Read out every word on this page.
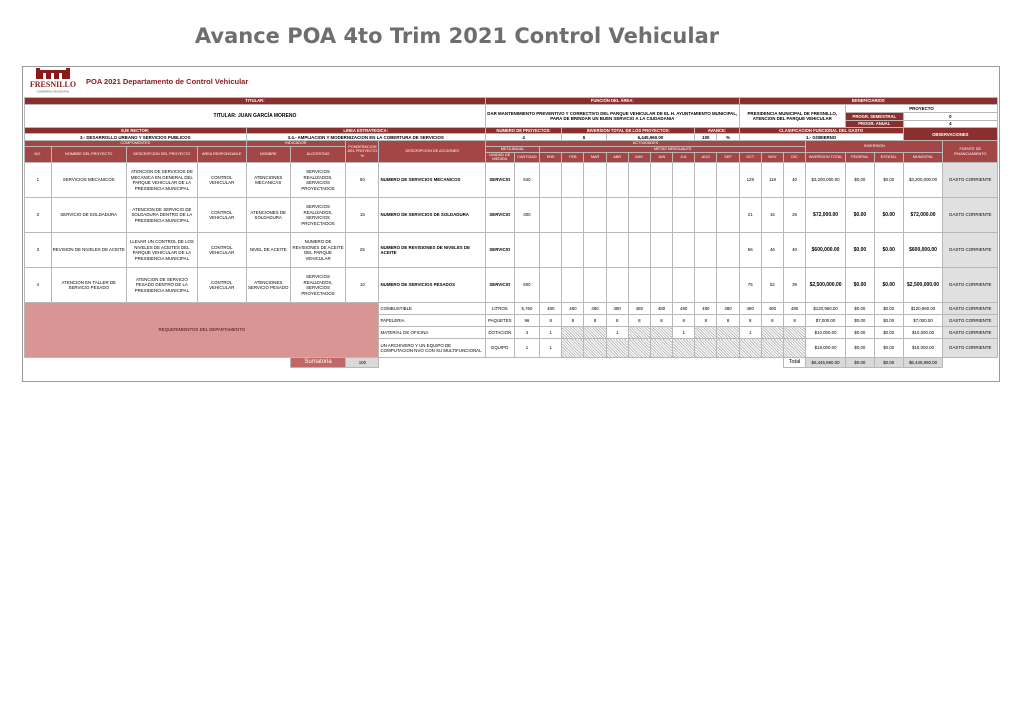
Avance POA 4to Trim 2021 Control Vehicular
FRESNILLO
GOBIERNO MUNICIPAL
POA 2021 Departamento de Control Vehicular
TITULAR:								FUNCIÓN DEL ÁREA:											BENEFICIARIOS							
TITULAR: JUAN GARCÍA MORENO								DAR MANTENIMIENTO PREVENTIVO Y CORRECTIVO DEL PARQUE VEHICULAR DE EL H. AYUNTAMIENTO MUNICIPAL, PARA DE BRINDAR UN BUEN SERVICIO A LA CIUDADANIA											PRESIDENCIA MUNICIPAL DE FRESNILLO, ATENCION DEL PARQUE VEHICULAR				PROYECTO			
																							PROGR. SEMESTRAL		0	
																							PROGR. ANUAL		4	
EJE RECTOR:				LINEA ESTRATEGICA:				NUMERO DE PROYECTOS:			INVERSION TOTAL DE LOS PROYECTOS:						AVANCE:		CLASIFICACION FUNCIONAL DEL GASTO						OBSERVACIONES	
3.- DESARROLLO URBANO Y SERVICIOS PUBLICOS				3.4.- AMPLIACION Y MODERNIZACION EN LA COBERTURA DE SERVICIOS				4			$		6,445,960.00				100	%	1.- GOBIERNO							
COMPONENTES				INDICADOR		PONDERACION DEL PROYECTO %	DESCRIPCION DE ACCIONES	ACTIVIDADES														INVERSION				FUENTE DE FINANCIAMIENTO
NO.	NOMBRE DEL PROYECTO	DESCRIPCION DEL PROYECTO	AREA RESPONSABLE	NOMBRE	ALGORITMO			META ANUAL		METAS MENSUALES																
								UNIDAD DE MEDIDA	CANTIDAD	ENE	FEB	MAR	ABR	MAY	JUN	JUL	AGO	SEP	OCT	NOV	DIC	INVERSION TOTAL	FEDERAL	ESTATAL	MUNICIPAL	
1	SERVICIOS MECANICOS	ATENCION DE SERVICIOS DE MECANICA EN GENERAL DEL PARQUE VEHICULAR DE LA PRESIDENCIA MUNICIPAL	CONTROL VEHICULAR	ATENCIONES MECANICAS	SERVICIOS REALIZADOS, SERVICIOS PROYECTADOS	50	NUMERO DE SERVICIOS MECANICOS	SERVICIO	840										129	118	40	$3,200,000.00	$0.00	$0.00	$3,200,000.00	GASTO CORRIENTE
2	SERVICIO DE SOLDADURA	ATENCION DE SERVICIO DE SOLDADURA DENTRO DE LA PRESIDENCIA MUNICIPAL	CONTROL VEHICULAR	ATENCIONES DE SOLDADURA	SERVICIOS REALIZADOS, SERVICIOS PROYECTADOS	15	NUMERO DE SERVICIOS DE SOLDADURA	SERVICIO	300										21	16	26	$72,000.00	$0.00	$0.00	$72,000.00	GASTO CORRIENTE
3	REVISION DE NIVELES DE ACEITE	LLEVAR UN CONTROL DE LOS NIVELES DE ACEITES DEL PARQUE VEHICULAR DE LA PRESIDENCIA MUNICIPAL	CONTROL VEHICULAR	NIVEL DE ACEITE	NUMERO DE REVISIONES DE ACEITE DEL PARQUE VEHICULAR	25	NUMERO DE REVISIONES DE NIVELES DE ACEITE	SERVICIO											56	46	40	$600,000.00	$0.00	$0.00	$600,000.00	GASTO CORRIENTE
4	ATENCION EN TALLER DE SERVICIO PESADO	ATENCION DE SERVICIO PESADO DENTRO DE LA PRESIDENCIA MUNICIPAL	CONTROL VEHICULAR	ATENCIONES SERVICIO PESADO	SERVICIOS REALIZADOS, SERVICIOS PROYECTADOS	10	NUMERO DE SERVICIOS PESADOS	SERVICIO	600										75	52	39	$2,500,000.00	$0.00	$0.00	$2,500,000.00	GASTO CORRIENTE
REQUERIMIENTOS DEL DEPARTAMENTO							COMBUSTIBLE	LITROS	5,760	480	480	480	480	480	480	480	480	480	480	480	480	$120,960.00	$0.00	$0.00	$120,960.00	GASTO CORRIENTE
							PAPELERIA	PAQUETES	96	8	8	8	8	8	8	8	8	8	8	8	8	$7,000.00	$0.00	$0.00	$7,000.00	GASTO CORRIENTE
							MATERIAL DE OFICINA	DOTACION	4	1			1			1			1			$10,000.00	$0.00	$0.00	$10,000.00	GASTO CORRIENTE
							UN ARCHIVERO Y UN EQUIPO DE COMPUTACION NVO CON SU MULTIFUNCIONAL	EQUIPO	1	1												$18,000.00	$0.00	$0.00	$18,000.00	GASTO CORRIENTE
					Sumatoria	100															Total	$6,445,960.00	$0.00	$0.00	$6,445,960.00	
